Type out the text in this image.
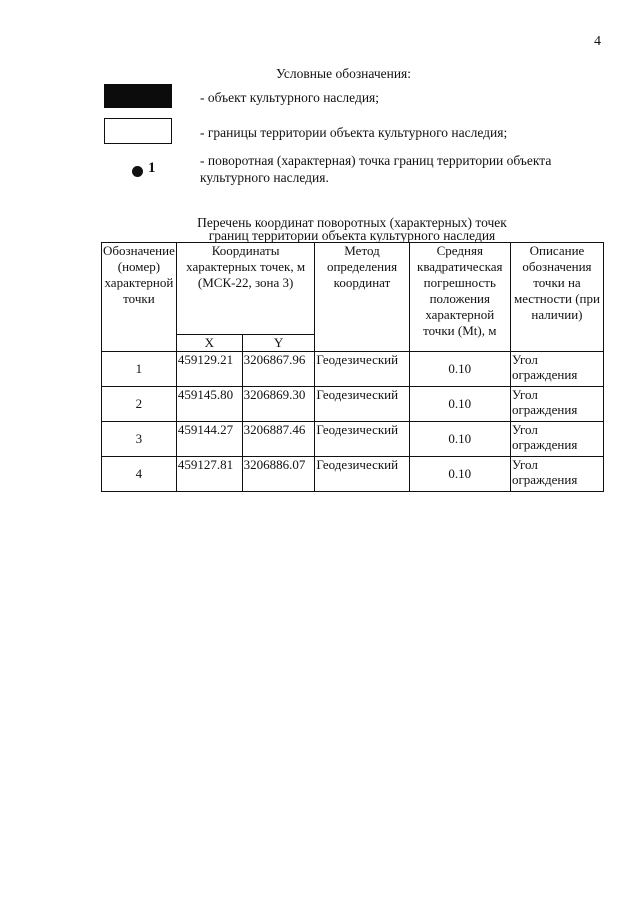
4
Условные обозначения:
- объект культурного наследия;
- границы территории объекта культурного наследия;
1	- поворотная (характерная) точка границ территории объекта культурного наследия.
Перечень координат поворотных (характерных) точек
границ территории объекта культурного наследия
Обозначение (номер) характерной точки	Координаты характерных точек, м (МСК-22, зона 3)		Метод определения координат	Средняя квадратическая погрешность положения характерной точки (Mt), м	Описание обозначения точки на местности (при наличии)
	X	Y			
1	459129.21	3206867.96	Геодезический	0.10	Угол ограждения
2	459145.80	3206869.30	Геодезический	0.10	Угол ограждения
3	459144.27	3206887.46	Геодезический	0.10	Угол ограждения
4	459127.81	3206886.07	Геодезический	0.10	Угол ограждения
